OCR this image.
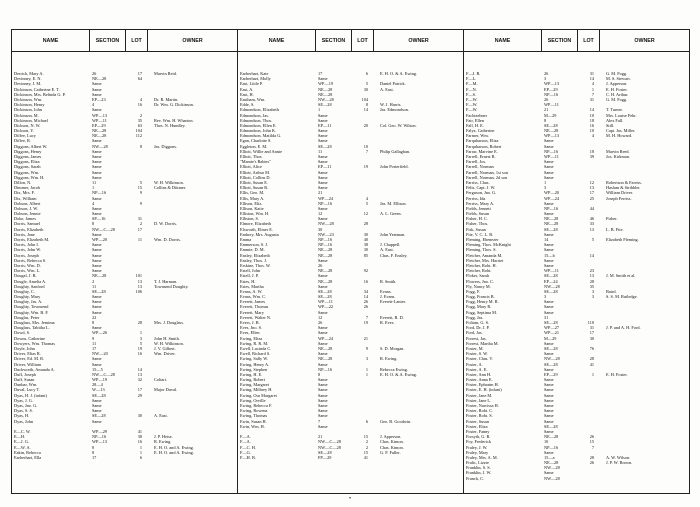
NAME	SECTION	LOT	OWNER
Derrick, Mary A.	26	17	Marvin Reid.
Devinney, E. N.	NE—28	64
Devinney, J. M.	Same
Dickinson, Catherine E. T.	Same
Dickinson, Mrs. Belinda G. P.	Same
Dickinson, Wm.	EP—23	4	Dr. R. Martin.
Dickinson, Henry	4	16	Dr. Wm. G. Dickinson.
Dickinson, John	Same
Dickinson, M.	WP—13	2
Dickinson, Michael	WP—11	35	Rev. Wm. H. Wharton.
Dickson, N. W.	EP—29	63	Thos. N. Hundley.
Dickson, Y.	NE—28	104
Diffee, Lucy	NE—28	112
Diffee, R.	Same
Diggons, Albert W.	NW—28	8	Jas. Diggons.
Diggons, Henry	Same
Diggons, James	Same
Diggons, Eliza	Same
Diggons, Sarah	Same
Diggons, Wm.	Same
Diggons, Wm. H.	Same
Dillon, N.	11	5	W. H. Wilkinson.
Dimmer, Jacob	1	15	Collins & Dittmer.
Dix, Mrs. F.	NP—16	9
Dix, William	Same
Dobson, Albert	4	9
Dobson, J. W.	Same
Dobson, Jennie	Same
Doke, James	SP—16	31
Dorris, Samuel	8	2	D. W. Dorris.
Dorris, Elizabeth	NW—C—28	17
Dorris, Jane	Same
Dorris, Elizabeth M.	WP—20	11	Wm. D. Dorris.
Dorris, John I.	Same
Dorris, John W.	Same
Dorris, Joseph	Same
Dorris, Rebecca S.	Same
Dorris, Wm. D.	Same
Dorris, Wm. L.	Same
Dougal, J. B.	NE—28	101
Dougle, Amelia A.	2	13	T. J. Harman.
Doughty, Sanford	11	13	Townsend Doughty.
Doughty, C.	SE—28	106
Doughty, Mary	Same
Doughty, Jas. A.	Same
Doughty, Townsend	Same
Doughty, Wm. B. F.	Same
Douglas, Peter	22
Douglass, Mrs. Jemima	8	28	Mrs. J. Douglass.
Douglass, Tabitha L.	Same
Dowd, S.	WP—26	1
Downs, Catherine	9	3	John H. Smith.
Dowyers, Wm. Thomas	11	5	W. H. Wilkinson.
Doyle, John	17	19	J. V. Gilbert.
Driver, Elias R.	NW—20	16	Wm. Driver.
Driver, Ed. M. R.	Same
Driver, William	Same
Duckworth, Amanda A.	15—5	14
Duff, Joseph	NW—C—28	13
Duff, Susan	WP—19	32	Coltart.
Dunbar, Wm.	28—4
Duval, Lucy T.	W—13	17	Major Duval.
Dyas, H. J. (infant)	SE—28	29
Dyas, J. G.	Same
Dyas, Jno. G.	Same
Dyas, S. S.	Same
Dyas, H.	SE—28	30	A. East.
Dyas, John	Same
E—C. W.	WP—29	41
E—H.	NP—16	38	J. P. Heise.
E—J. G.	WP—13	16	R. Ewing.
E—W. A.	8	1	E. H. O. and A. Ewing.
Eakin, Rebecca	8	1	E. H. O. and A. Ewing.
Earberhart, Ella	17	6
NAME	SECTION	LOT	OWNER
Earberhart, Kate	17	6	E. H. O. & A. Ewing.
Earberhart, Molly	Same
East, Little P.	WP—19	5	Daniel Patrick.
East, A.	NE—28	30	A. East.
East, H.	NE—28
Eastham, Wm.	NW—28	104
Edde, S.	SE—28	8	W. J. Harris.
Edmondson, Elizabeth	1	14	Jas. Edmondson.
Edmondson, Jas.	Same
Edmondson, Thos.	Same
Edmondson, Ellen E.	EP—11	20	Col. Geo. W. Wilson.
Edmondson, John K.	Same
Edmondson, Matilda G.	Same
Egan, Charlotte S.	Same
Eggleton, E. M.	SE—28	10
Elliott, Willie and Annie	11	7	Philip Gallaghan.
Elliott, Thos.	Same
"Mamie's Babies"	Same
Elliott, Alice	EP—11	19	John Porterfield.
Elliott, Arthur M.	Same
Elliott, Collins D.	Same
Elliott, Susan E.	Same
Elliott, Susan R.	Same
Ellis, Geo. M.	21
Ellis, Mary A.	WP—24	4
Ellison, Eliz.	NP—16	5	Jas. M. Ellison.
Ellison, Katie	Same
Elliston, Wm. H.	12	12	A. L. Green.
Elliston, S.	Same
Elmore, Elizabeth	NW—28	28
Elsworth, Elmer E.	30
Embrey, Mrs. Augusta	NW—23	30	John Yeatman.
Emma	NP—16	40
Emmerson, S. J.	NP—16	38	J. Chappell.
Emmie, D. M.	NE—28	30	A. East.
Ensley, Elizabeth	NE—28	85	Chas. F. Ensley.
Ensley, Thos. J.	Same
Erskine, Thos. W.	26
Estell, John	NE—28	92
Estell, J. P.	Same
Estes, H.	NE—28	16	R. Smith.
Estes, Martha	Same
Evans, A. W.	SE—28	34	Evans.
Evans, Wm. C.	SE—28	14	J. Evans.
Everett, James	WP—11	26	Everett-Lanier.
Everett, Thomas	WP—22	26
Everett, Mary	Same
Everett, Walter N.	12	7	Everett, R. D.
Evers, J. B.	26	19	R. Eves.
Eves, Jno. S.	Same
Eves, Ellen	Same
Ewing, Eliza	WP—24	21
Ewing, R. R. M.	Same
Ewell, Lucinda C.	NE—28	9	S. D. Morgan.
Ewell, Richard S.	Same
Ewing, Sally W.	NE—28	3	R. Ewing.
Ewing, Henry A.	Same
Ewing, Stephen	NP—16	1	Rebecca Ewing.
Ewing, H. E.	8	1	E. H. O. & A. Ewing.
Ewing, Robert	Same
Ewing, Margaret	Same
Ewing, Milbrey H.	Same
Ewing, Our Margaret	Same
Ewing, Orville	Same
Ewing, Rebecca F.	Same
Ewing, Rowena	Same
Ewing, Thomas	Same
Ewin, Susan H.	7	6	Geo. B. Goodwin.
Ewin, Wm. H.	Same
F—A.	21	15	J. Apperson.
F—A.	NW—C—28	2	Chas. Kimon.
F—C. H.	NW—C—28	2	Chas. Kimon.
F—G.	SE—28	15	G. F. Fuller.
F—H. B.	FP—29	41
NAME	SECTION	LOT	OWNER
F—J. B.	26	31	G. M. Fogg.
F—L.	3	14	M. S. Stewart.
F—M.	WP—13	4	J. Apperson.
F—N.	EP—29	1	E. H. Foster.
F—S.	NP—16	7	C. H. Arthur.
F—W.	26	31	G. M. Fogg.
F—W.	WP—11
F—W.	21	14	T. Turner.
Fachtzehner	M—29	10	Mrs. Louise Fehr.
Fair, Ellen	8	18	Alex Fall.
Fall, H. E.	SE—28	16	Still.
Falyz, Catherine	NE—28	10	Capt. Jas. Miller.
Farmer, Wm.	WP—13	4	M. H. Howard.
Farquharson, Eliza	Same
Farquharson, Robert	Same
Farrar, Marvine E.	NP—16	18	Marvin Reed.
Farrell, Ernest R.	WP—11	39	Jos. Kirkman.
Farrell, Jos.	Same
Farrell, Norman	Same
Farrell, Norman, 1st son	Same
Farrell, Norman, 2d son	Same
Farriss, Chas.	1	12	Robertson & Farriss.
Felts, Capt. J. W.	3	13	Haslam & Stribbler.
Ferguson, Jno. G.	WP—20	17	William Driver.
Ferriss, Ida	WP—24	25	Joseph Ferriss.
Ferriss, Mary A.	Same
Fields, Jennett	NP—16	44
Fields, Susan	Same
Fisher, H. C.	NE—28	46	Fisher.
Fisher, Thos.	NE—28	33
Fisk, Susan	SE—28	13	L. B. Fite.
Fite, V. C. L. B.	Same
Fleming, Ebenezer	14	5	Elizabeth Fleming.
Fleming, Thos. McKnight	Same
Fleming, Thos. S.	Same
Fletcher, Amanda M.	15—b	14
Fletcher, Mrs. Harriet	Same
Fletcher, Robt. H.	Same
Fletcher, Robt.	WP—11	23
Floker, Sarah	SE—28	13	J. M. Smith et al.
Flowers, Jno. C.	EP—24	28
Fly, Nancy M.	NW—28	35
Fogg, F.	SE—28	3	Baird.
Fogg, Francis B.	3	3	S. S. M. Rutledge.
Fogg, Henry M. R.	Same
Fogg, Mary R.	Same
Fogg, Septima M.	Same
Fogg, Jas.	31
Foliam, G. S.	SE—28	110
Ford, Dr. J. P.	WP—27	31	J. P. and A. H. Ford.
Ford, Jas.	WP—21	17
Forrest, Jas.	M—29	30
Forrest, Martha M.	Same
Foster, M.	SE—28	76
Foster, S. W.	Same
Foster, Chas. V.	NW—28	28
Foster, A.	SE—28	41
Foster, A. E.	Same
Foster, Ann H.	EP—29	1	E. H. Foster.
Foster, Anna E.	Same
Foster, Ephraim H.	Same
Foster, E. H. (infant)	Same
Foster, Jane M.	Same
Foster, Jane L.	Same
Foster, Narcissa H.	Same
Foster, Robt. C.	Same
Foster, Robt. S.	Same
Foster, Susan	Same
Foster, Eliza	SE—28
Foster, Fanny	Same
Forsyth, G. R.	NE—28	26
Foy, Frederick	10	15
Fraley, J. W.	NP—16	7
Fraley, Mary	Same
Fraley, Mrs. A. M.	15—a	28	A. W. Wilson.
Fralic, Lizzie	NE—28	26	J. P. W. Brown.
Franklin, S. S.	NW—28
Franklin, J. W.	Same
Franch, C.	NW—28
•
